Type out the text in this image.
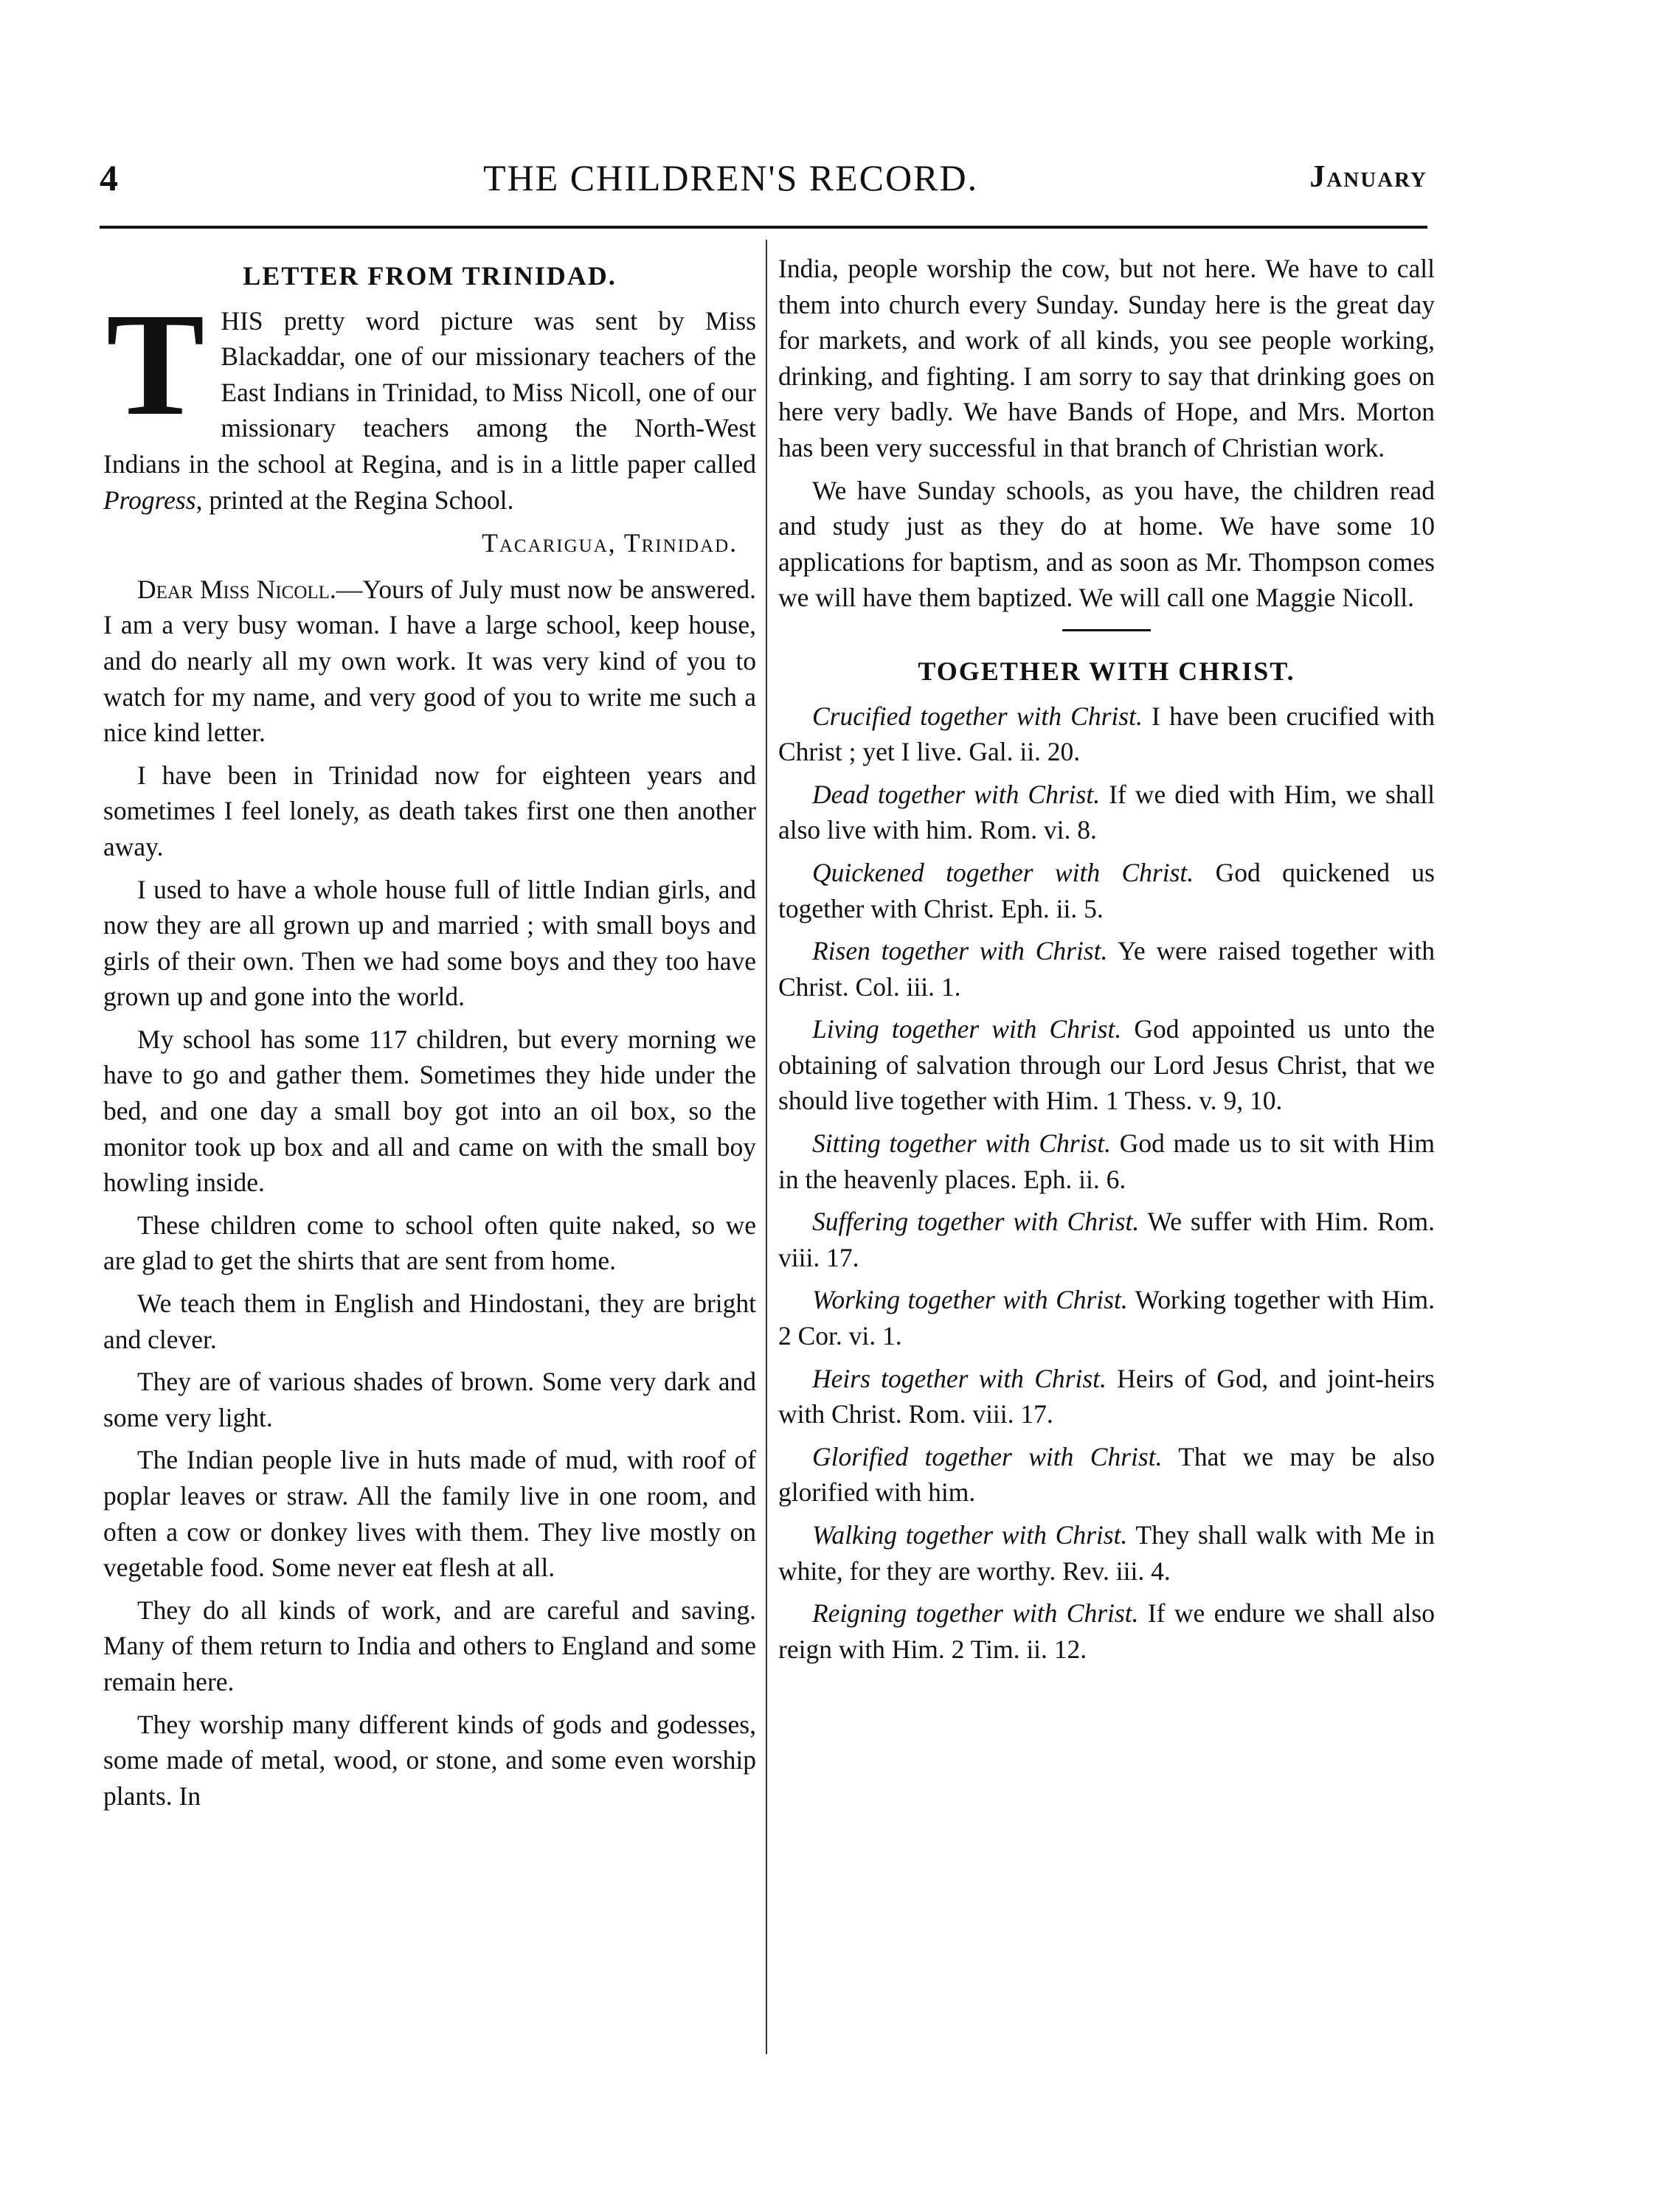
4	THE CHILDREN'S RECORD.	January
LETTER FROM TRINIDAD.

THIS pretty word picture was sent by Miss Blackaddar, one of our missionary teachers of the East Indians in Trinidad, to Miss Nicoll, one of our missionary teachers among the North-West Indians in the school at Regina, and is in a little paper called Progress, printed at the Regina School.

Tacarigua, Trinidad.

Dear Miss Nicoll.—Yours of July must now be answered. I am a very busy woman. I have a large school, keep house, and do nearly all my own work. It was very kind of you to watch for my name, and very good of you to write me such a nice kind letter.

I have been in Trinidad now for eighteen years and sometimes I feel lonely, as death takes first one then another away.

I used to have a whole house full of little Indian girls, and now they are all grown up and married ; with small boys and girls of their own. Then we had some boys and they too have grown up and gone into the world.

My school has some 117 children, but every morning we have to go and gather them. Sometimes they hide under the bed, and one day a small boy got into an oil box, so the monitor took up box and all and came on with the small boy howling inside.

These children come to school often quite naked, so we are glad to get the shirts that are sent from home.

We teach them in English and Hindostani, they are bright and clever.

They are of various shades of brown. Some very dark and some very light.

The Indian people live in huts made of mud, with roof of poplar leaves or straw. All the family live in one room, and often a cow or donkey lives with them. They live mostly on vegetable food. Some never eat flesh at all.

They do all kinds of work, and are careful and saving. Many of them return to India and others to England and some remain here.

They worship many different kinds of gods and godesses, some made of metal, wood, or stone, and some even worship plants. In

India, people worship the cow, but not here. We have to call them into church every Sunday. Sunday here is the great day for markets, and work of all kinds, you see people working, drinking, and fighting. I am sorry to say that drinking goes on here very badly. We have Bands of Hope, and Mrs. Morton has been very successful in that branch of Christian work.

We have Sunday schools, as you have, the children read and study just as they do at home. We have some 10 applications for baptism, and as soon as Mr. Thompson comes we will have them baptized. We will call one Maggie Nicoll.

TOGETHER WITH CHRIST.

Crucified together with Christ. I have been crucified with Christ ; yet I live. Gal. ii. 20.

Dead together with Christ. If we died with Him, we shall also live with him. Rom. vi. 8.

Quickened together with Christ. God quickened us together with Christ. Eph. ii. 5.

Risen together with Christ. Ye were raised together with Christ. Col. iii. 1.

Living together with Christ. God appointed us unto the obtaining of salvation through our Lord Jesus Christ, that we should live together with Him. 1 Thess. v. 9, 10.

Sitting together with Christ. God made us to sit with Him in the heavenly places. Eph. ii. 6.

Suffering together with Christ. We suffer with Him. Rom. viii. 17.

Working together with Christ. Working together with Him. 2 Cor. vi. 1.

Heirs together with Christ. Heirs of God, and joint-heirs with Christ. Rom. viii. 17.

Glorified together with Christ. That we may be also glorified with him.

Walking together with Christ. They shall walk with Me in white, for they are worthy. Rev. iii. 4.

Reigning together with Christ. If we endure we shall also reign with Him. 2 Tim. ii. 12.
